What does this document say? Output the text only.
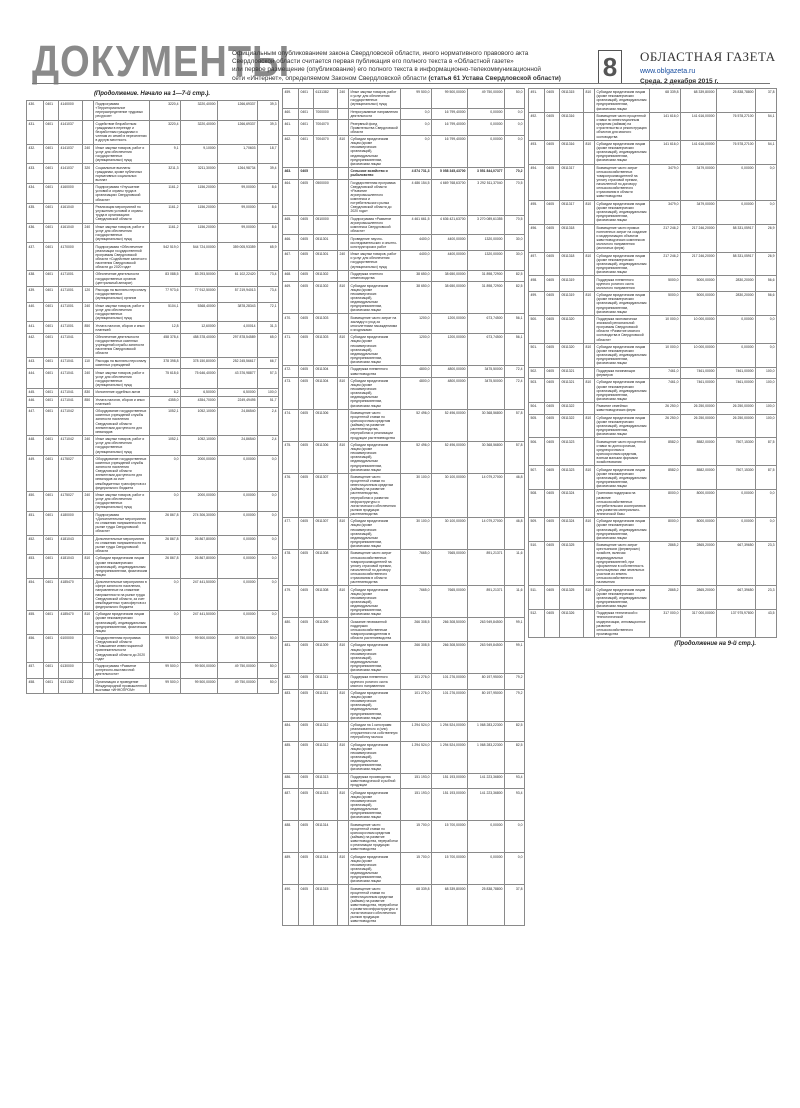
ДОКУМЕНТЫ
Официальным опубликованием закона Свердловской области, иного нормативного правового акта
Свердловской области считается первая публикация его полного текста в «Областной газете»
или первое размещение (опубликование) его полного текста в информационно-телекоммуникационной
сети «Интернет», определяемом Законом Свердловской области (статья 61 Устава Свердловской области)	8	ОБЛАСТНАЯ ГАЗЕТА
www.oblgazeta.ru
Среда, 2 декабря 2015 г.
(Продолжение. Начало на 1—7-й стр.).
430.	0401	4140000		Подпрограмма «Территориальное перераспределение трудовых ресурсов»	3220,4	3220,40000	1266,69337	39,3
431.	0401	4141037		Содействие безработным гражданам в переезде и безработным гражданам и членам их семей в переселении в другую местность	3220,4	3220,40000	1266,69337	39,3
432.	0401	4141037	240	Иные закупки товаров, работ и услуг для обеспечения государственных (муниципальных) нужд	9,1	9,10000	1,70603	18,7
433.	0401	4141037	320	Социальные выплаты гражданам, кроме публичных нормативных социальных выплат	3211,3	3211,30000	1264,98734	39,4
434.	0401	4160000		Подпрограмма «Улучшение условий и охраны труда в организациях Свердловской области»	1161,2	1156,20000	99,00000	8,6
435.	0401	4161040		Реализация мероприятий по улучшению условий и охраны труда в организациях Свердловской области	1161,2	1156,20000	99,00000	8,6
436.	0401	4161040	240	Иные закупки товаров, работ и услуг для обеспечения государственных (муниципальных) нужд	1161,2	1156,20000	99,00000	8,6
437.	0401	4170000		Подпрограмма «Обеспечение реализации государственной программы Свердловской области «Содействие занятости населения Свердловской области до 2020 года»	542 519,0	544 724,00000	359 005,93359	65,9
438.	0401	4171001		Обеспечение деятельности государственных органов (центральный аппарат)	83 088,5	83 293,50000	61 102,22420	73,4
439.	0401	4171001	120	Расходы на выплаты персоналу государственных (муниципальных) органов	77 973,6	77 912,50000	57 219,94013	73,4
440.	0401	4171001	240	Иные закупки товаров, работ и услуг для обеспечения государственных (муниципальных) нужд	5104,1	5368,40000	3878,28343	72,1
441.	0401	4171001	850	Уплата налогов, сборов и иных платежей	12,8	12,60000	4,00014	31,3
442.	0401	4171041		Обеспечение деятельности государственных казенных учреждений службы занятости населения Свердловской области	458 378,4	458 378,40000	297 878,54589	65,0
443.	0401	4171041	110	Расходы на выплаты персоналу казенных учреждений	378 398,8	378 150,80000	252 245,56617	66,7
444.	0401	4171041	240	Иные закупки товаров, работ и услуг для обеспечения государственных (муниципальных) нужд	75 618,6	75 646,40000	43 376,98877	57,3
445.	0401	4171041	830	Исполнение судебных актов	6,2	6,50000	6,50000	100,0
446.	0401	4171041	850	Уплата налогов, сборов и иных платежей	4355,0	4354,70000	2249,49495	51,7
447.	0401	4171042		Оборудование государственных казенных учреждений службы занятости населения Свердловской области элементами доступности для инвалидов	1052,1	1052,10000	24,86540	2,4
448.	0401	4171042	240	Иные закупки товаров, работ и услуг для обеспечения государственных (муниципальных) нужд	1052,1	1052,10000	24,86540	2,4
449.	0401	4175027		Оборудование государственных казенных учреждений службы занятости населения Свердловской области элементами доступности для инвалидов за счет межбюджетных трансфертов из федерального бюджета	0,0	2000,00000	0,00000	0,0
450.	0401	4175027	240	Иные закупки товаров, работ и услуг для обеспечения государственных (муниципальных) нужд	0,0	2000,00000	0,00000	0,0
451.	0401	4180000		Подпрограмма «Дополнительные мероприятия по снижению напряженности на рынке труда Свердловской области»	26 867,8	274 306,30000	0,00000	0,0
452.	0401	4181043		Дополнительные мероприятия по снижению напряженности на рынке труда Свердловской области	26 867,8	26 867,80000	0,00000	0,0
453.	0401	4181043	810	Субсидии юридическим лицам (кроме некоммерческих организаций), индивидуальным предпринимателям, физическим лицам	26 867,8	26 867,80000	0,00000	0,0
454.	0401	4185470		Дополнительные мероприятия в сфере занятости населения, направленные на снижение напряженности на рынке труда Свердловской области, за счет межбюджетных трансфертов из федерального бюджета	0,0	247 441,50000	0,00000	0,0
455.	0401	4185470	810	Субсидии юридическим лицам (кроме некоммерческих организаций), индивидуальным предпринимателям, физическим лицам	0,0	247 441,50000	0,00000	0,0
456.	0401	6100000		Государственная программа Свердловской области «Повышение инвестиционной привлекательности Свердловской области до 2020 года»	99 500,0	99 500,00000	49 750,00000	50,0
457.	0401	6130000		Подпрограмма «Развитие конгрессно-выставочной деятельности»	99 500,0	99 500,00000	49 750,00000	50,0
458.	0401	6131382		Организация и проведение Международной промышленной выставки «ИННОПРОМ»	99 500,0	99 500,00000	49 750,00000	50,0
459.	0401	6131382	240	Иные закупки товаров, работ и услуг для обеспечения государственных (муниципальных) нужд	99 500,0	99 500,00000	49 750,00000	50,0
460.	0401	7000000		Непрограммные направления деятельности	0,0	16 799,40000	0,00000	0,0
461.	0401	7004070		Резервный фонд Правительства Свердловской области	0,0	16 799,40000	0,00000	0,0
462.	0401	7004070	810	Субсидии юридическим лицам (кроме некоммерческих организаций), индивидуальным предпринимателям, физическим лицам	0,0	16 799,40000	0,00000	0,0
463.	0405			Сельское хозяйство и рыболовство	4 874 731,3	5 058 345,43700	3 551 844,07377	70,2
464.	0405	0500000		Государственная программа Свердловской области «Развитие агропромышленного комплекса и потребительского рынка Свердловской области до 2020 года»	4 486 154,5	4 669 768,63700	3 292 511,37040	70,5
465.	0405	0510000		Подпрограмма «Развитие агропромышленного комплекса Свердловской области»	4 461 661,5	4 636 421,63700	3 270 089,61355	70,5
466.	0405	0511301		Проведение научно-исследовательских и опытно-конструкторских работ	4400,0	4400,00000	1320,00000	30,0
467.	0405	0511301	240	Иные закупки товаров, работ и услуг для обеспечения государственных (муниципальных) нужд	4400,0	4400,00000	1320,00000	30,0
468.	0405	0511302		Поддержка элитного семеноводства	38 650,0	38 650,00000	31 898,72900	82,5
469.	0405	0511302	810	Субсидии юридическим лицам (кроме некоммерческих организаций), индивидуальным предпринимателям, физическим лицам	38 650,0	38 650,00000	31 898,72900	82,5
470.	0405	0511303		Возмещение части затрат на закладку и уход за многолетними насаждениями и ягодниками	1200,0	1200,00000	673,74500	56,1
471.	0405	0511303	810	Субсидии юридическим лицам (кроме некоммерческих организаций), индивидуальным предпринимателям, физическим лицам	1200,0	1200,00000	673,74500	56,1
472.	0405	0511304		Поддержка племенного животноводства	4800,0	4800,00000	3475,50000	72,4
473.	0405	0511304	810	Субсидии юридическим лицам (кроме некоммерческих организаций), индивидуальным предпринимателям, физическим лицам	4800,0	4800,00000	3475,50000	72,4
474.	0405	0511306		Возмещение части процентной ставки по краткосрочным кредитам (займам) на развитие растениеводства, переработки и реализации продукции растениеводства	52 496,0	52 496,00000	30 368,56800	57,8
475.	0405	0511306	810	Субсидии юридическим лицам (кроме некоммерческих организаций), индивидуальным предпринимателям, физическим лицам	52 496,0	52 496,00000	30 368,56800	57,8
476.	0405	0511307		Возмещение части процентной ставки по инвестиционным кредитам (займам) на развитие растениеводства, переработки и развития инфраструктуры и логистического обеспечения рынков продукции растениеводства	30 100,0	30 100,00000	14 079,27000	46,8
477.	0405	0511307	810	Субсидии юридическим лицам (кроме некоммерческих организаций), индивидуальным предпринимателям, физическим лицам	30 100,0	30 100,00000	14 079,27000	46,8
478.	0405	0511308		Возмещение части затрат сельскохозяйственных товаропроизводителей на уплату страховой премии, начисленной по договору сельскохозяйственного страхования в области растениеводства	7665,0	7665,00000	891,21371	11,6
479.	0405	0511308	810	Субсидии юридическим лицам (кроме некоммерческих организаций), индивидуальным предпринимателям, физическим лицам	7665,0	7665,00000	891,21371	11,6
480.	0405	0511309		Оказание несвязанной поддержки сельскохозяйственным товаропроизводителям в области растениеводства	266 308,5	266 308,50000	263 949,84500	99,1
481.	0405	0511309	810	Субсидии юридическим лицам (кроме некоммерческих организаций), индивидуальным предпринимателям, физическим лицам	266 308,5	266 308,50000	263 949,84500	99,1
482.	0405	0511311		Поддержка племенного крупного рогатого скота мясного направления	101 276,0	101 276,00000	80 197,95000	79,2
483.	0405	0511311	810	Субсидии юридическим лицам (кроме некоммерческих организаций), индивидуальным предпринимателям, физическим лицам	101 276,0	101 276,00000	80 197,95000	79,2
484.	0405	0511312		Субсидии на 1 килограмм реализованного и (или) отгруженного на собственную переработку молока	1 294 524,0	1 294 524,00000	1 068 283,22300	82,5
485.	0405	0511312	810	Субсидии юридическим лицам (кроме некоммерческих организаций), индивидуальным предпринимателям, физическим лицам	1 294 524,0	1 294 524,00000	1 068 283,22300	82,5
486.	0405	0511313		Поддержка производства животноводческой и рыбной продукции	151 193,0	151 193,00000	141 223,36800	93,4
487.	0405	0511313	810	Субсидии юридическим лицам (кроме некоммерческих организаций), индивидуальным предпринимателям, физическим лицам	151 193,0	151 193,00000	141 223,36800	93,4
488.	0405	0511314		Возмещение части процентной ставки по краткосрочным кредитам (займам) на развитие животноводства, переработки и реализации продукции животноводства	15 700,0	15 700,00000	0,00000	0,0
489.	0405	0511314	810	Субсидии юридическим лицам (кроме некоммерческих организаций), индивидуальным предпринимателям, физическим лицам	15 700,0	15 700,00000	0,00000	0,0
490.	0405	0511315		Возмещение части процентной ставки по инвестиционным кредитам (займам) на развитие животноводства, переработки и развития инфраструктуры и логистического обеспечения рынков продукции животноводства	68 339,8	68 339,80000	25 838,78800	37,8
491.	0405	0511315	810	Субсидии юридическим лицам (кроме некоммерческих организаций), индивидуальным предпринимателям, физическим лицам	68 339,8	68 339,80000	25 838,78800	37,8
492.	0405	0511316		Возмещение части процентной ставки по инвестиционным кредитам (займам) на строительство и реконструкцию объектов для мясного скотоводства	141 616,0	141 616,00000	76 578,27100	54,1
493.	0405	0511316	810	Субсидии юридическим лицам (кроме некоммерческих организаций), индивидуальным предпринимателям, физическим лицам	141 616,0	141 616,00000	76 578,27100	54,1
494.	0405	0511317		Возмещение части затрат сельскохозяйственных товаропроизводителей на уплату страховой премии, начисленной по договору сельскохозяйственного страхования в области животноводства	3479,0	3479,00000	0,00000	0,0
495.	0405	0511317	810	Субсидии юридическим лицам (кроме некоммерческих организаций), индивидуальным предпринимателям, физическим лицам	3479,0	3479,00000	0,00000	0,0
496.	0405	0511318		Возмещение части прямых понесенных затрат на создание и модернизацию объектов животноводческих комплексов молочного направления (молочных ферм)	217 246,2	217 246,20000	58 331,05917	26,9
497.	0405	0511318	810	Субсидии юридическим лицам (кроме некоммерческих организаций), индивидуальным предпринимателям, физическим лицам	217 246,2	217 246,20000	58 331,05917	26,9
498.	0405	0511319		Поддержка племенного крупного рогатого скота молочного направления	5000,0	5000,00000	2830,20000	56,6
499.	0405	0511319	810	Субсидии юридическим лицам (кроме некоммерческих организаций), индивидуальным предпринимателям, физическим лицам	5000,0	5000,00000	2830,20000	56,6
500.	0405	0511320		Поддержка экономически значимой региональной программы Свердловской области «Развитие мясного скотоводства в Свердловской области»	10 000,0	10 000,00000	0,00000	0,0
501.	0405	0511320	810	Субсидии юридическим лицам (кроме некоммерческих организаций), индивидуальным предпринимателям, физическим лицам	10 000,0	10 000,00000	0,00000	0,0
502.	0405	0511321		Поддержка начинающих фермеров	7461,0	7461,00000	7461,00000	100,0
503.	0405	0511321	810	Субсидии юридическим лицам (кроме некоммерческих организаций), индивидуальным предпринимателям, физическим лицам	7461,0	7461,00000	7461,00000	100,0
504.	0405	0511322		Развитие семейных животноводческих ферм	26 250,0	26 250,00000	26 250,00000	100,0
505.	0405	0511322	810	Субсидии юридическим лицам (кроме некоммерческих организаций), индивидуальным предпринимателям, физическим лицам	26 250,0	26 250,00000	26 250,00000	100,0
506.	0405	0511323		Возмещение части процентной ставки по долгосрочным, среднесрочным и краткосрочным кредитам, взятым малыми формами хозяйствования	8582,0	8582,00000	7507,15300	87,5
507.	0405	0511323	810	Субсидии юридическим лицам (кроме некоммерческих организаций), индивидуальным предпринимателям, физическим лицам	8582,0	8582,00000	7507,15300	87,5
508.	0405	0511324		Грантовая поддержка на развитие сельскохозяйственных потребительских кооперативов для развития материально-технической базы	8000,0	8000,00000	0,00000	0,0
509.	0405	0511324	810	Субсидии юридическим лицам (кроме некоммерческих организаций), индивидуальным предпринимателям, физическим лицам	8000,0	8000,00000	0,00000	0,0
510.	0405	0511325		Возмещение части затрат крестьянских (фермерских) хозяйств, включая индивидуальных предпринимателей, при оформлении в собственность используемых ими земельных участков из земель сельскохозяйственного назначения	2865,2	2865,20000	667,39650	23,3
511.	0405	0511325	810	Субсидии юридическим лицам (кроме некоммерческих организаций), индивидуальным предпринимателям, физическим лицам	2865,2	2865,20000	667,39650	23,3
512.	0405	0511326		Поддержка технической и технологической модернизации, инновационное развитие сельскохозяйственного производства	317 000,0	317 000,00000	137 975,97800	43,5
(Продолжение на 9-й стр.).
